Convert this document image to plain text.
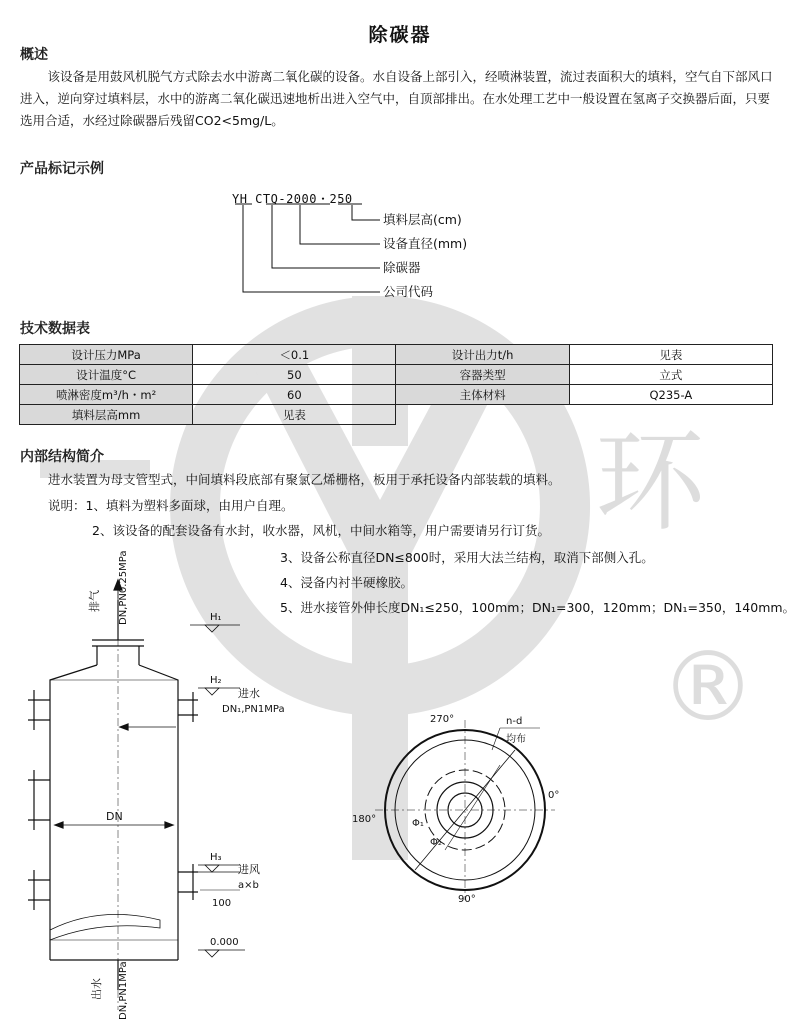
环
®
除碳器
概述

该设备是用鼓风机脱气方式除去水中游离二氧化碳的设备。水自设备上部引入，经喷淋装置，流过表面积大的填料，空气自下部风口进入，逆向穿过填料层，水中的游离二氧化碳迅速地析出进入空气中，自顶部排出。在水处理工艺中一般设置在氢离子交换器后面，只要选用合适，水经过除碳器后残留CO2<5mg/L。

产品标记示例
YH CTQ-2000・250
填料层高(cm)
设备直径(mm)
除碳器
公司代码
技术数据表
设计压力MPa	＜0.1	设计出力t/h	见表
设计温度°C	50	容器类型	立式
喷淋密度m³/h・m²	60	主体材料	Q235-A
填料层高mm	见表		
内部结构简介
进水装置为母支管型式，中间填料段底部有聚氯乙烯栅格，板用于承托设备内部装载的填料。
说明：1、填料为塑料多面球，由用户自理。
2、该设备的配套设备有水封，收水器，风机，中间水箱等，用户需要请另行订货。
3、设备公称直径DN≤800时，采用大法兰结构，取消下部侧入孔。
4、浸备内衬半硬橡胶。
5、进水接管外伸长度DN₁≤250，100mm；DN₁=300，120mm；DN₁=350，140mm。
排气 DN,PN0.25MPa	H₁
H₂
进水
DN₁,PN1MPa
DN
H₃
进风
a×b
100
0.000
出水 DN,PN1MPa
270°
0°
180°
90°
n-d
均布
Φ₁
Φ₂
